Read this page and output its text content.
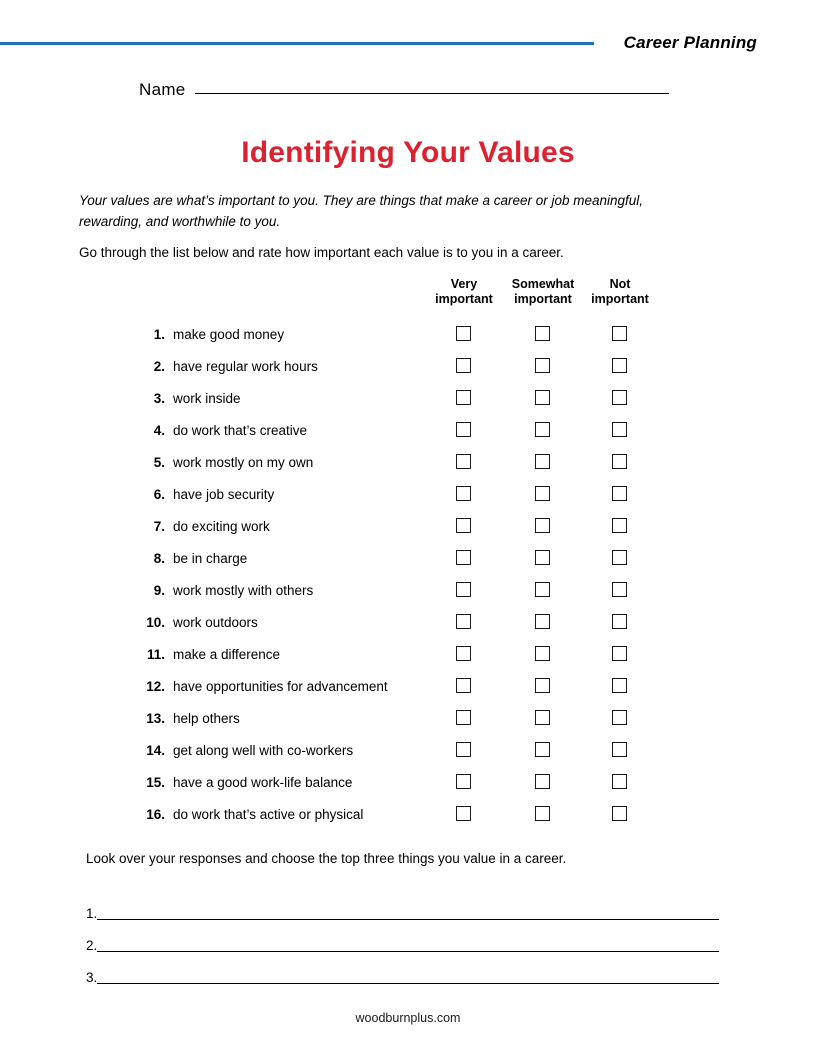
Career Planning
Name
Identifying Your Values
Your values are what’s important to you. They are things that make a career or job meaningful, rewarding, and worthwhile to you.
Go through the list below and rate how important each value is to you in a career.
Very
important
Somewhat
important
Not
important
1. make good money
2. have regular work hours
3. work inside
4. do work that’s creative
5. work mostly on my own
6. have job security
7. do exciting work
8. be in charge
9. work mostly with others
10. work outdoors
11. make a difference
12. have opportunities for advancement
13. help others
14. get along well with co-workers
15. have a good work-life balance
16. do work that’s active or physical
Look over your responses and choose the top three things you value in a career.
1.
2.
3.
woodburnplus.com
